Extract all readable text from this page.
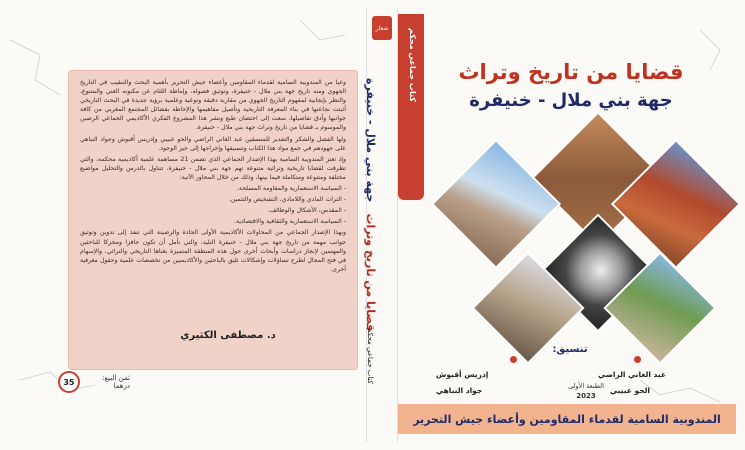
وعيا من المندوبية السامية لقدماء المقاومين وأعضاء جيش التحرير بأهمية البحث والتنقيب في التاريخ الجهوي ومنه تاريخ جهة بني ملال - خنيفرة، وتوثيق فصوله، وإماطة اللثام عن مكنونه الغني والمتنوع، والنظر بإيجابية لمفهوم التاريخ الجهوي من مقاربة دقيقة وتوعية وعلمية برؤية جديدة في البحث التاريخي أثبتت نجاعتها في بناء المعرفة التاريخية وتأصيل مفاهيمها والإحاطة بفضائل المجتمع المغربي من كافة جوانبها وأدق تفاصيلها، سعت إلى احتضان طبع ونشر هذا المشروع الفكري الأكاديمي الجماعي الرصين والموسوم بـ قضايا من تاريخ وتراث جهة بني ملال - خنيفرة.

ولها الفضل والشكر والتقدير للمنسقين عبد الغاني الراضي والحو عبيبي وإدريس أقبوش وجواد النباهي على جهودهم في جمع مواد هذا الكتاب وتنسيقها وإخراجها إلى حيز الوجود.

وإذ تعتز المندوبية السامية بهذا الإصدار الجماعي الذي تضمن 21 مساهمة علمية أكاديمية محكمة، والتي تطرقت لقضايا تاريخية وتراثية متنوعة تهم جهة بني ملال - خنيفرة، تتناول بالدرس والتحليل مواضيع مختلفة ومتنوعة ومتكاملة فيما بينها، وذلك من خلال المحاور الآتية:

- السياسة الاستعمارية والمقاومة المسلحة.

- التراث المادي واللامادي، التشخيص والتثمين.

- المقدس، الأشكال والوظائف.

- السياسة الاستعمارية والثقافية والاقتصادية.

وبهذا الإصدار الجماعي من المحاولات الأكاديمية الأولى الجادة والرصينة التي تنفذ إلى تدوين وتوثيق جوانب مهمة من تاريخ جهة بني ملال - خنيفرة التليد، والتي نأمل أن تكون حافزا ومحركا للباحثين والمهتمين لإنجاز دراسات وأبحاث أخرى حول هذه المنطقة المتميزة بغناها التاريخي والتراثي، والإسهام في فتح المجال لطرح تساؤلات وإشكالات تليق بالباحثين والأكاديميين من تخصصات علمية وحقول معرفية أخرى.

د. مصطفى الكثيري
35	ثمن البيع: درهما
شعار
قضايا من تاريخ وتراث جهة بني ملال - خنيفرة
كتاب جماعي محكم
كتاب جماعي محكم	قضايا من تاريخ وتراث
جهة بني ملال - خنيفرة
تنسيق:
عبد الغاني الراضي
الحو عبيبي
إدريس أقبوش
جواد النباهي	الطبعة الأولى
2023
المندوبية السامية لقدماء المقاومين وأعضاء جيش التحرير
